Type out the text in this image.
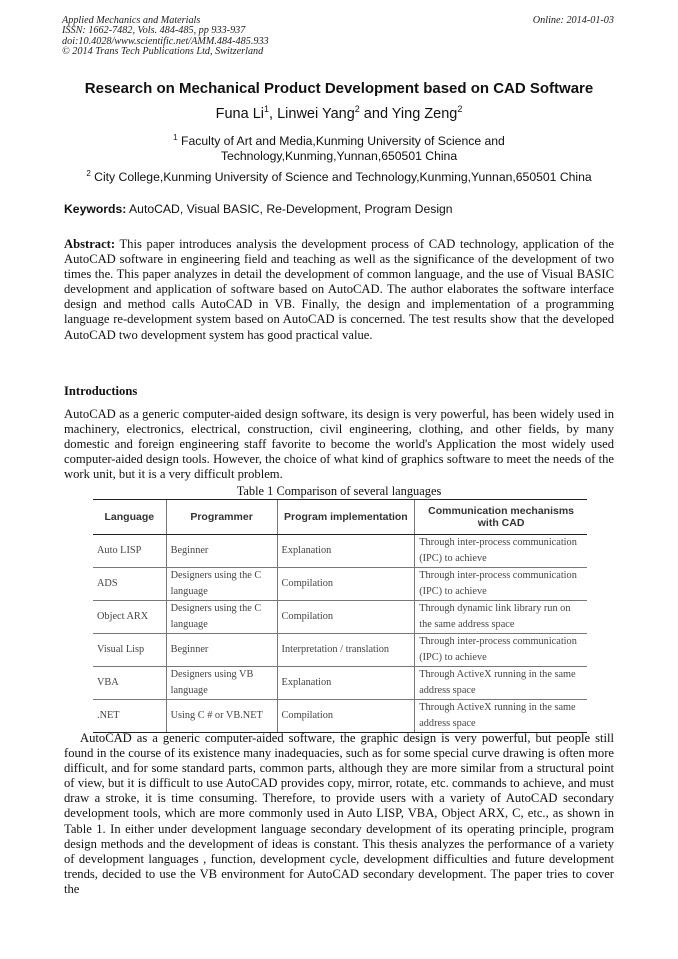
Applied Mechanics and Materials
ISSN: 1662-7482, Vols. 484-485, pp 933-937
doi:10.4028/www.scientific.net/AMM.484-485.933
© 2014 Trans Tech Publications Ltd, Switzerland
Online: 2014-01-03
Research on Mechanical Product Development based on CAD Software
Funa Li$^1$, Linwei Yang$^2$ and Ying Zeng$^2$
$^1$ Faculty of Art and Media,Kunming University of Science and
Technology,Kunming,Yunnan,650501 China
$^2$ City College,Kunming University of Science and Technology,Kunming,Yunnan,650501 China
Keywords: AutoCAD, Visual BASIC, Re-Development, Program Design
Abstract: This paper introduces analysis the development process of CAD technology, application of the AutoCAD software in engineering field and teaching as well as the significance of the development of two times the. This paper analyzes in detail the development of common language, and the use of Visual BASIC development and application of software based on AutoCAD. The author elaborates the software interface design and method calls AutoCAD in VB. Finally, the design and implementation of a programming language re-development system based on AutoCAD is concerned. The test results show that the developed AutoCAD two development system has good practical value.
Introductions
AutoCAD as a generic computer-aided design software, its design is very powerful, has been widely used in machinery, electronics, electrical, construction, civil engineering, clothing, and other fields, by many domestic and foreign engineering staff favorite to become the world's Application the most widely used computer-aided design tools. However, the choice of what kind of graphics software to meet the needs of the work unit, but it is a very difficult problem.
Table 1 Comparison of several languages
Language	Programmer	Program implementation	Communication mechanisms with CAD
Auto LISP	Beginner	Explanation	Through inter-process communication (IPC) to achieve
ADS	Designers using the C language	Compilation	Through inter-process communication (IPC) to achieve
Object ARX	Designers using the C language	Compilation	Through dynamic link library run on the same address space
Visual Lisp	Beginner	Interpretation / translation	Through inter-process communication (IPC) to achieve
VBA	Designers using VB language	Explanation	Through ActiveX running in the same address space
.NET	Using C # or VB.NET	Compilation	Through ActiveX running in the same address space
AutoCAD as a generic computer-aided software, the graphic design is very powerful, but people still found in the course of its existence many inadequacies, such as for some special curve drawing is often more difficult, and for some standard parts, common parts, although they are more similar from a structural point of view, but it is difficult to use AutoCAD provides copy, mirror, rotate, etc. commands to achieve, and must draw a stroke, it is time consuming. Therefore, to provide users with a variety of AutoCAD secondary development tools, which are more commonly used in Auto LISP, VBA, Object ARX, C, etc., as shown in Table 1. In either under development language secondary development of its operating principle, program design methods and the development of ideas is constant. This thesis analyzes the performance of a variety of development languages , function, development cycle, development difficulties and future development trends, decided to use the VB environment for AutoCAD secondary development. The paper tries to cover the
